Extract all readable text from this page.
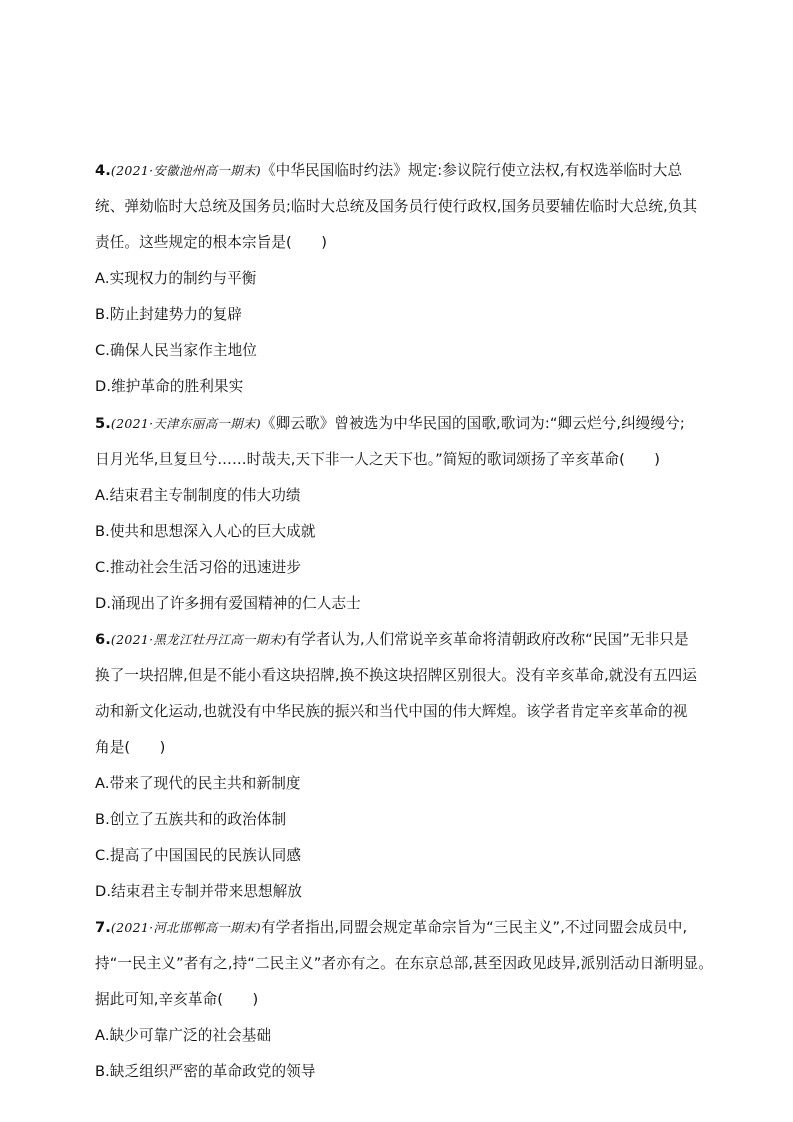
4.(2021·安徽池州高一期末)《中华民国临时约法》规定:参议院行使立法权,有权选举临时大总
统、弹劾临时大总统及国务员;临时大总统及国务员行使行政权,国务员要辅佐临时大总统,负其
责任。这些规定的根本宗旨是(　　)
A.实现权力的制约与平衡
B.防止封建势力的复辟
C.确保人民当家作主地位
D.维护革命的胜利果实
5.(2021·天津东丽高一期末)《卿云歌》曾被选为中华民国的国歌,歌词为:“卿云烂兮,纠缦缦兮;
日月光华,旦复旦兮……时哉夫,天下非一人之天下也。”简短的歌词颂扬了辛亥革命(　　)
A.结束君主专制制度的伟大功绩
B.使共和思想深入人心的巨大成就
C.推动社会生活习俗的迅速进步
D.涌现出了许多拥有爱国精神的仁人志士
6.(2021·黑龙江牡丹江高一期末)有学者认为,人们常说辛亥革命将清朝政府改称“民国”无非只是
换了一块招牌,但是不能小看这块招牌,换不换这块招牌区别很大。没有辛亥革命,就没有五四运
动和新文化运动,也就没有中华民族的振兴和当代中国的伟大辉煌。该学者肯定辛亥革命的视
角是(　　)
A.带来了现代的民主共和新制度
B.创立了五族共和的政治体制
C.提高了中国国民的民族认同感
D.结束君主专制并带来思想解放
7.(2021·河北邯郸高一期末)有学者指出,同盟会规定革命宗旨为“三民主义”,不过同盟会成员中,
持“一民主义”者有之,持“二民主义”者亦有之。在东京总部,甚至因政见歧异,派别活动日渐明显。
据此可知,辛亥革命(　　)
A.缺少可靠广泛的社会基础
B.缺乏组织严密的革命政党的领导
